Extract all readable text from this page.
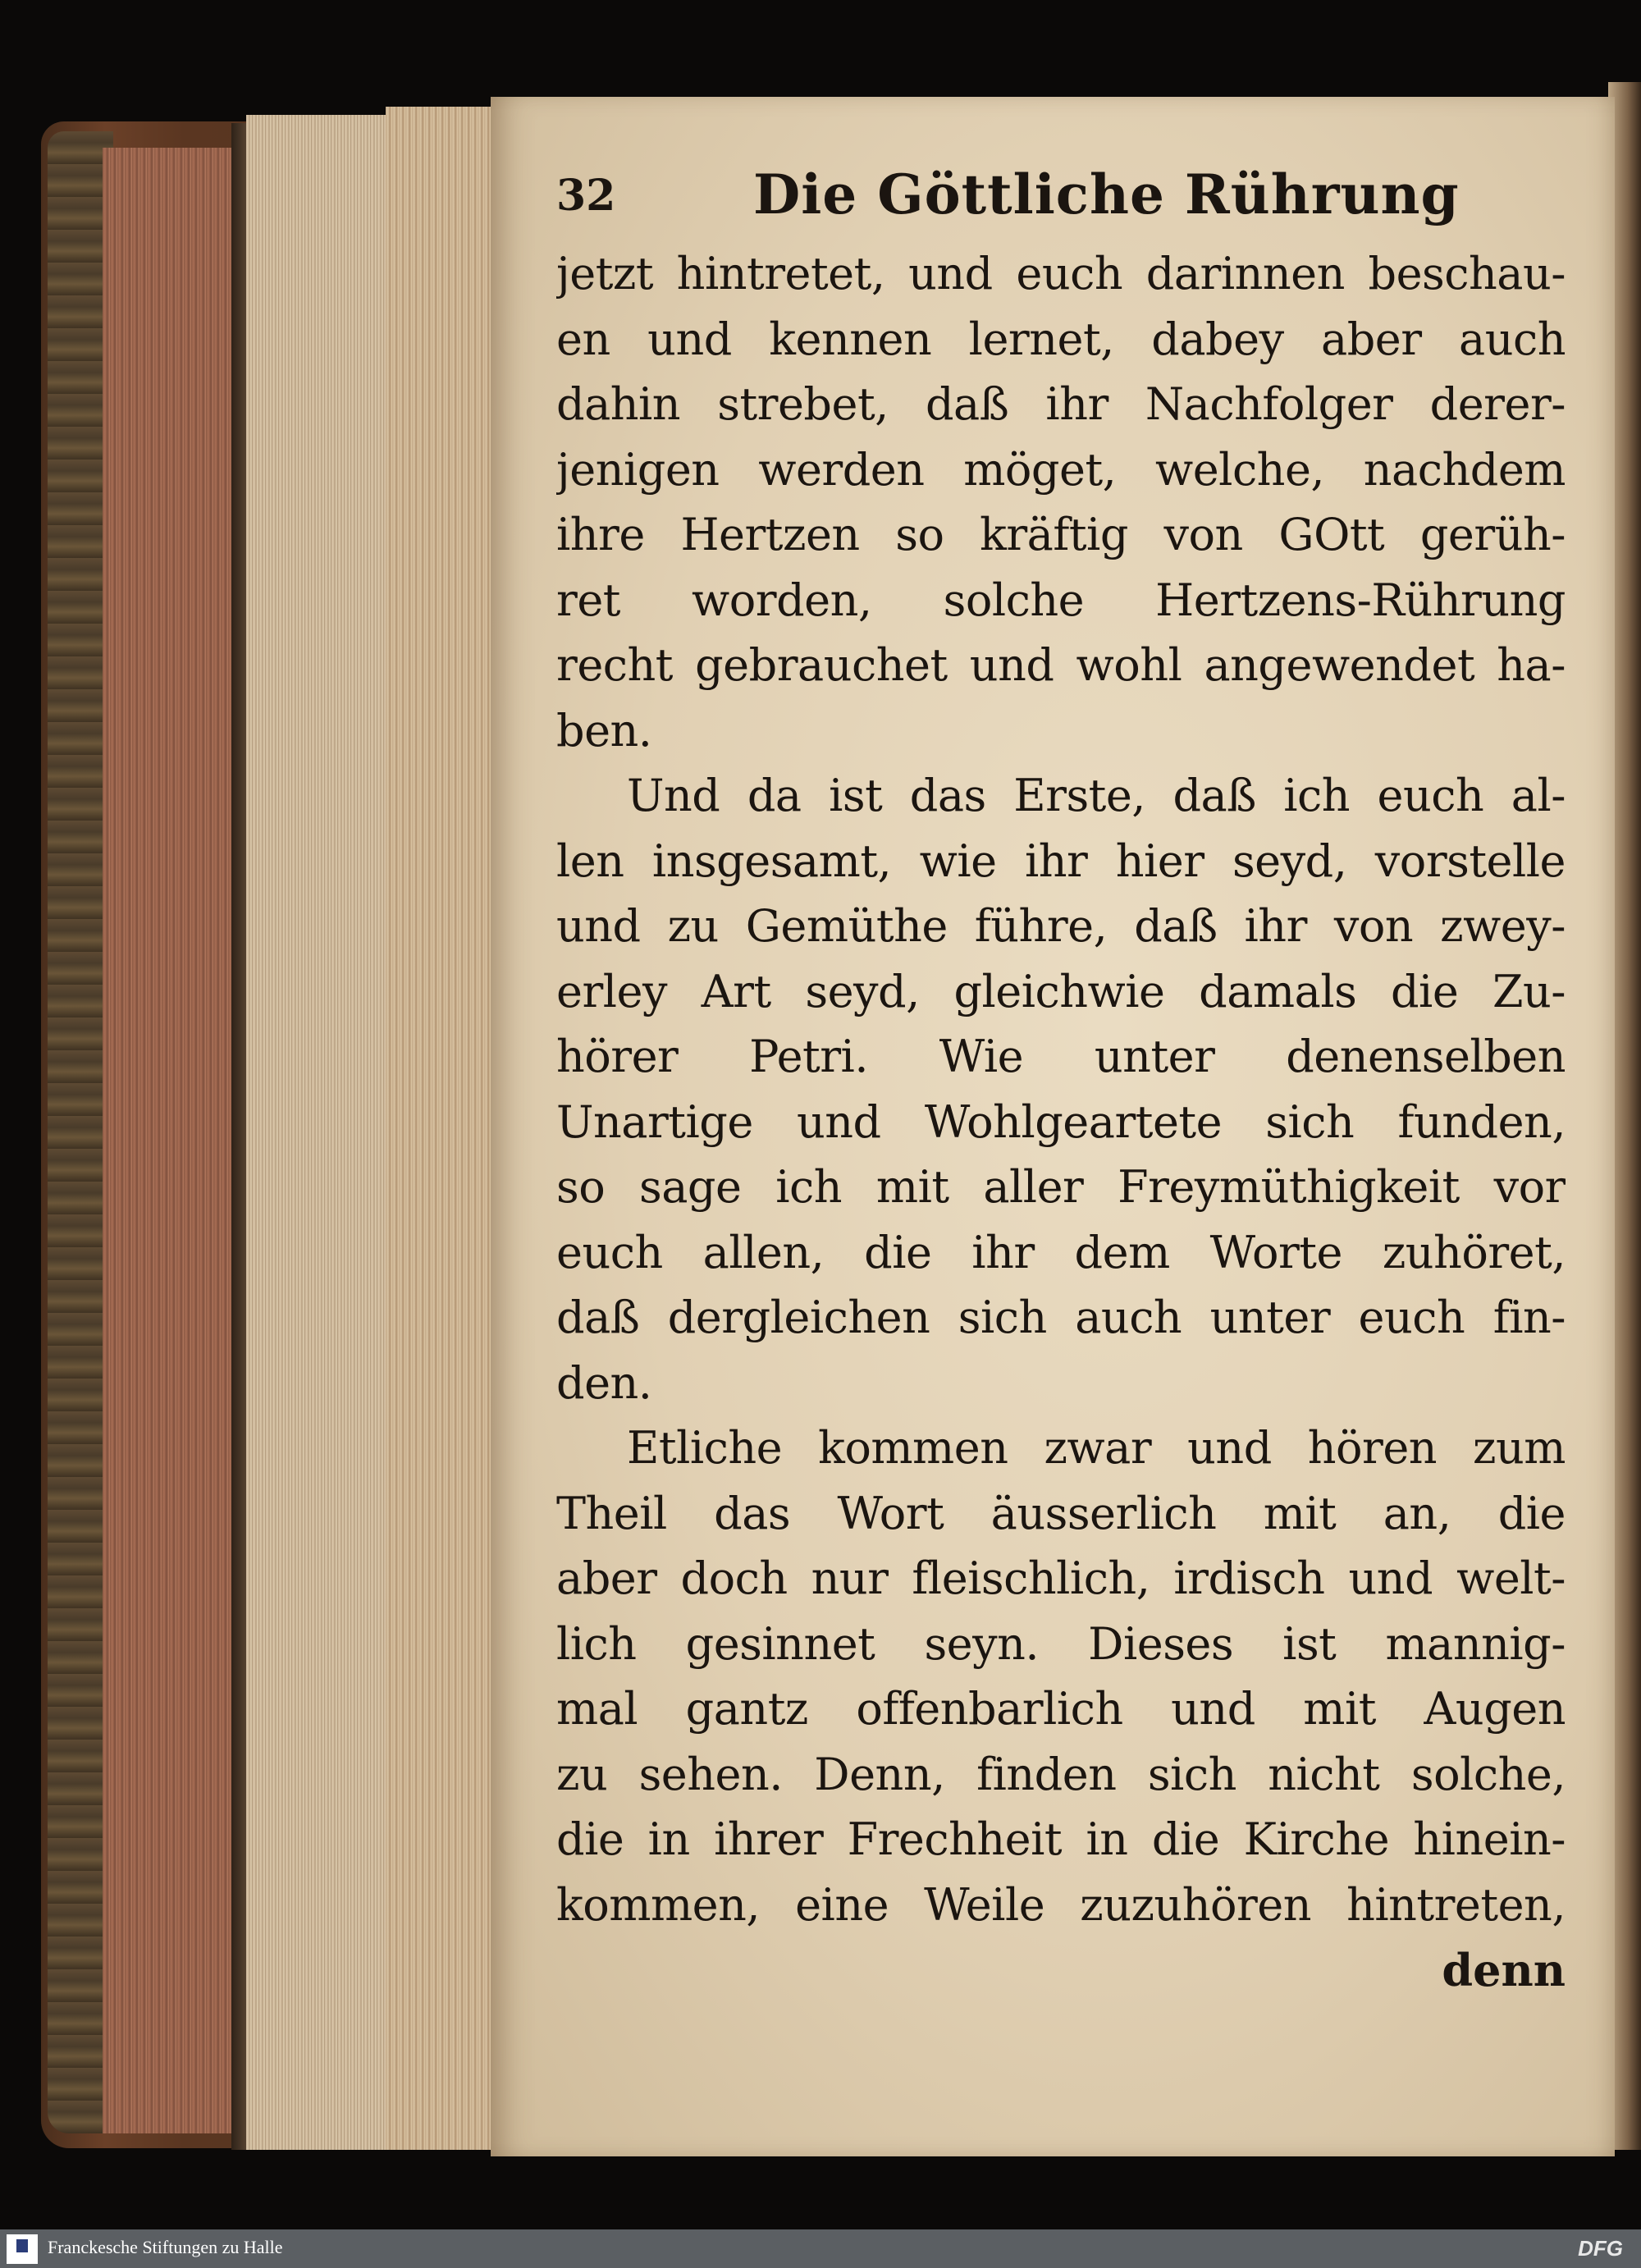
32	Die Göttliche Rührung
jetzt hintretet, und euch darinnen beschau-
en und kennen lernet, dabey aber auch
dahin strebet, daß ihr Nachfolger derer-
jenigen werden möget, welche, nachdem
ihre Hertzen so kräftig von GOtt gerüh-
ret worden, solche Hertzens-Rührung
recht gebrauchet und wohl angewendet ha-
ben.
Und da ist das Erste, daß ich euch al-
len insgesamt, wie ihr hier seyd, vorstelle
und zu Gemüthe führe, daß ihr von zwey-
erley Art seyd, gleichwie damals die Zu-
hörer Petri. Wie unter denenselben
Unartige und Wohlgeartete sich funden,
so sage ich mit aller Freymüthigkeit vor
euch allen, die ihr dem Worte zuhöret,
daß dergleichen sich auch unter euch fin-
den.
Etliche kommen zwar und hören zum
Theil das Wort äusserlich mit an, die
aber doch nur fleischlich, irdisch und welt-
lich gesinnet seyn. Dieses ist mannig-
mal gantz offenbarlich und mit Augen
zu sehen. Denn, finden sich nicht solche,
die in ihrer Frechheit in die Kirche hinein-
kommen, eine Weile zuzuhören hintreten,
denn
Franckesche Stiftungen zu Halle	DFG
